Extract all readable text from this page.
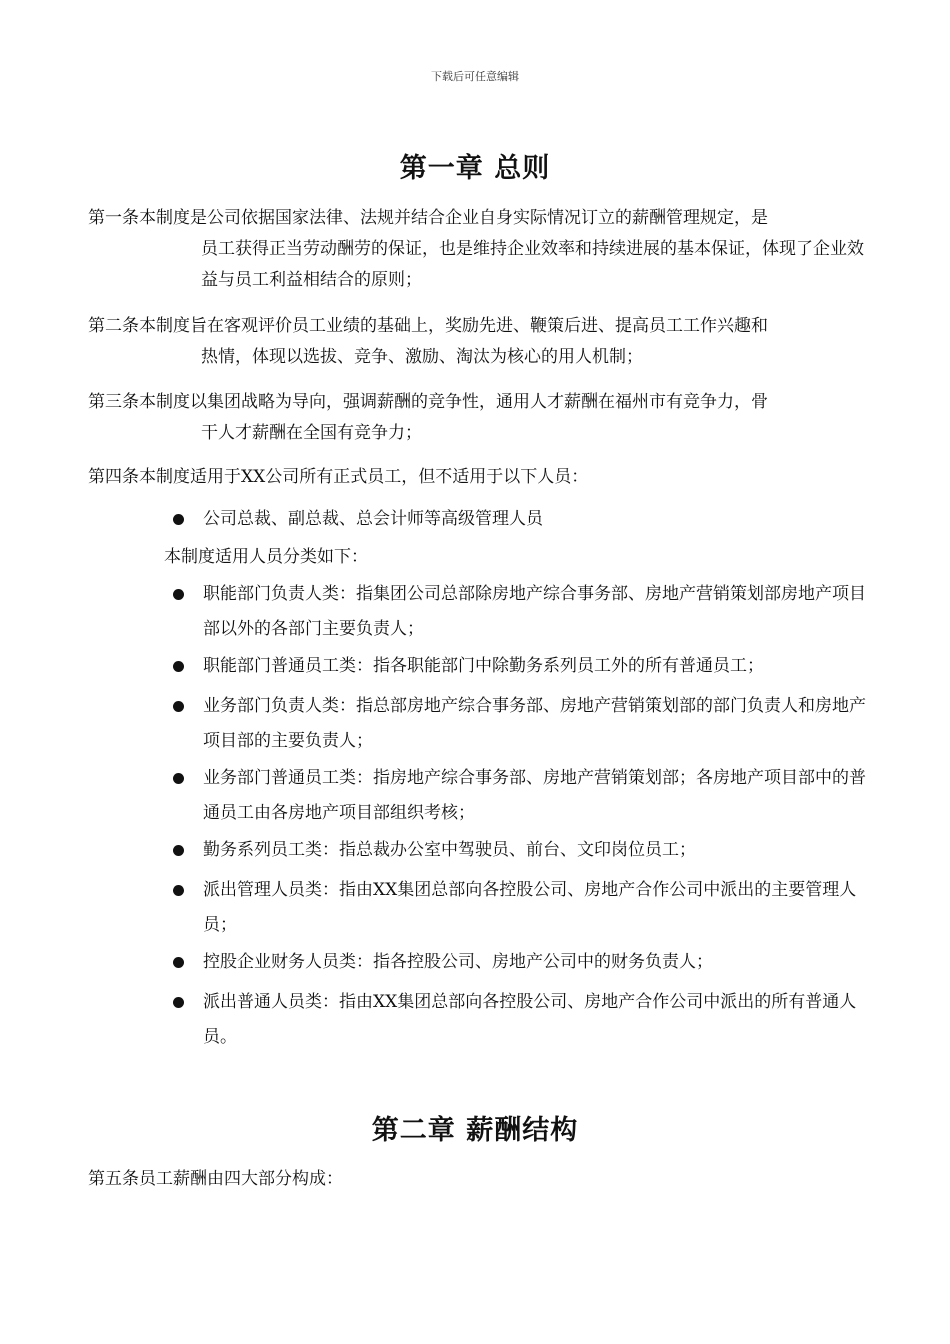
下载后可任意编辑
第一章 总则
第一条本制度是公司依据国家法律、法规并结合企业自身实际情况订立的薪酬管理规定，是
员工获得正当劳动酬劳的保证，也是维持企业效率和持续进展的基本保证，体现了企业效益与员工利益相结合的原则；
第二条本制度旨在客观评价员工业绩的基础上，奖励先进、鞭策后进、提高员工工作兴趣和
热情，体现以选拔、竞争、激励、淘汰为核心的用人机制；
第三条本制度以集团战略为导向，强调薪酬的竞争性，通用人才薪酬在福州市有竞争力，骨
干人才薪酬在全国有竞争力；
第四条本制度适用于XX公司所有正式员工，但不适用于以下人员：
公司总裁、副总裁、总会计师等高级管理人员
本制度适用人员分类如下：
职能部门负责人类：指集团公司总部除房地产综合事务部、房地产营销策划部房地产项目部以外的各部门主要负责人；
职能部门普通员工类：指各职能部门中除勤务系列员工外的所有普通员工；
业务部门负责人类：指总部房地产综合事务部、房地产营销策划部的部门负责人和房地产项目部的主要负责人；
业务部门普通员工类：指房地产综合事务部、房地产营销策划部；各房地产项目部中的普通员工由各房地产项目部组织考核；
勤务系列员工类：指总裁办公室中驾驶员、前台、文印岗位员工；
派出管理人员类：指由XX集团总部向各控股公司、房地产合作公司中派出的主要管理人员；
控股企业财务人员类：指各控股公司、房地产公司中的财务负责人；
派出普通人员类：指由XX集团总部向各控股公司、房地产合作公司中派出的所有普通人员。
第二章 薪酬结构
第五条员工薪酬由四大部分构成：
